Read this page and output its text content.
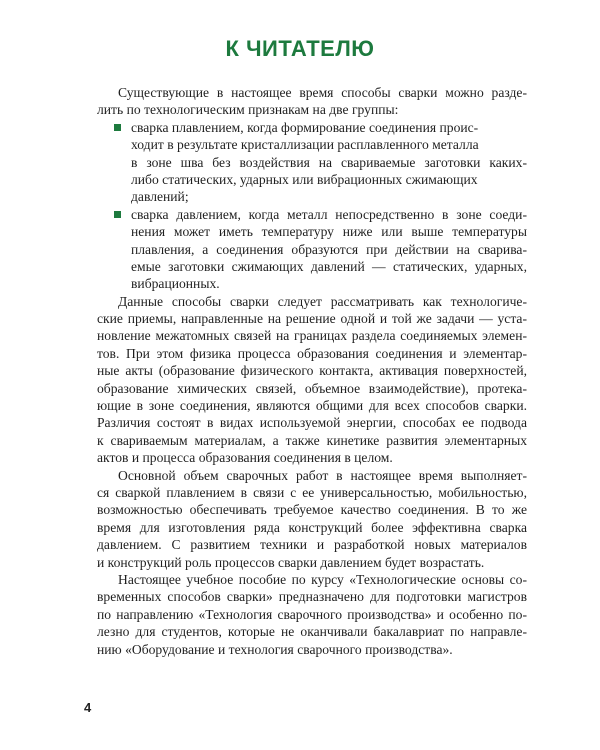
К ЧИТАТЕЛЮ
Существующие в настоящее время способы сварки можно разде-
лить по технологическим признакам на две группы:
сварка плавлением, когда формирование соединения проис-
ходит в результате кристаллизации расплавленного металла
в зоне шва без воздействия на свариваемые заготовки каких-
либо статических, ударных или вибрационных сжимающих
давлений;
сварка давлением, когда металл непосредственно в зоне соеди-
нения может иметь температуру ниже или выше температуры
плавления, а соединения образуются при действии на сварива-
емые заготовки сжимающих давлений — статических, ударных,
вибрационных.
Данные способы сварки следует рассматривать как технологиче-
ские приемы, направленные на решение одной и той же задачи — уста-
новление межатомных связей на границах раздела соединяемых элемен-
тов. При этом физика процесса образования соединения и элементар-
ные акты (образование физического контакта, активация поверхностей,
образование химических связей, объемное взаимодействие), протека-
ющие в зоне соединения, являются общими для всех способов сварки.
Различия состоят в видах используемой энергии, способах ее подвода
к свариваемым материалам, а также кинетике развития элементарных
актов и процесса образования соединения в целом.
Основной объем сварочных работ в настоящее время выполняет-
ся сваркой плавлением в связи с ее универсальностью, мобильностью,
возможностью обеспечивать требуемое качество соединения. В то же
время для изготовления ряда конструкций более эффективна сварка
давлением. С развитием техники и разработкой новых материалов
и конструкций роль процессов сварки давлением будет возрастать.
Настоящее учебное пособие по курсу «Технологические основы со-
временных способов сварки» предназначено для подготовки магистров
по направлению «Технология сварочного производства» и особенно по-
лезно для студентов, которые не оканчивали бакалавриат по направле-
нию «Оборудование и технология сварочного производства».
4
